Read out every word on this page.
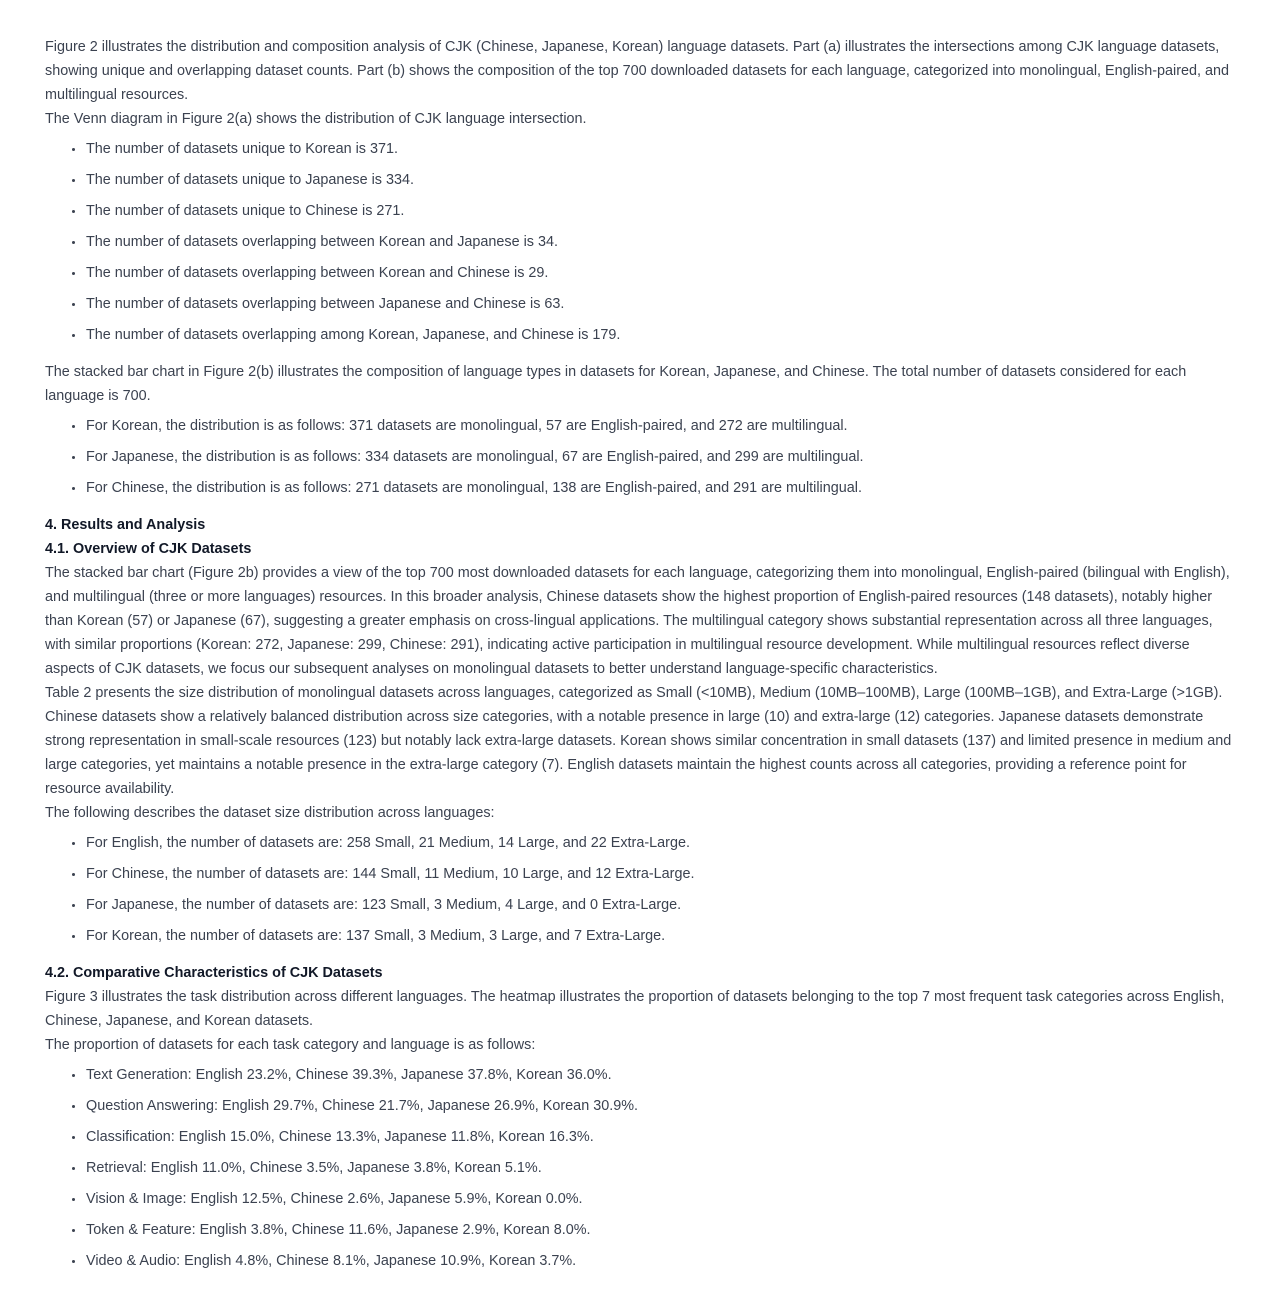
Figure 2 illustrates the distribution and composition analysis of CJK (Chinese, Japanese, Korean) language datasets. Part (a) illustrates the intersections among CJK language datasets, showing unique and overlapping dataset counts. Part (b) shows the composition of the top 700 downloaded datasets for each language, categorized into monolingual, English-paired, and multilingual resources.

The Venn diagram in Figure 2(a) shows the distribution of CJK language intersection.

The number of datasets unique to Korean is 371.
The number of datasets unique to Japanese is 334.
The number of datasets unique to Chinese is 271.
The number of datasets overlapping between Korean and Japanese is 34.
The number of datasets overlapping between Korean and Chinese is 29.
The number of datasets overlapping between Japanese and Chinese is 63.
The number of datasets overlapping among Korean, Japanese, and Chinese is 179.

The stacked bar chart in Figure 2(b) illustrates the composition of language types in datasets for Korean, Japanese, and Chinese. The total number of datasets considered for each language is 700.

For Korean, the distribution is as follows: 371 datasets are monolingual, 57 are English-paired, and 272 are multilingual.
For Japanese, the distribution is as follows: 334 datasets are monolingual, 67 are English-paired, and 299 are multilingual.
For Chinese, the distribution is as follows: 271 datasets are monolingual, 138 are English-paired, and 291 are multilingual.
4. Results and Analysis
4.1. Overview of CJK Datasets

The stacked bar chart (Figure 2b) provides a view of the top 700 most downloaded datasets for each language, categorizing them into monolingual, English-paired (bilingual with English), and multilingual (three or more languages) resources. In this broader analysis, Chinese datasets show the highest proportion of English-paired resources (148 datasets), notably higher than Korean (57) or Japanese (67), suggesting a greater emphasis on cross-lingual applications. The multilingual category shows substantial representation across all three languages, with similar proportions (Korean: 272, Japanese: 299, Chinese: 291), indicating active participation in multilingual resource development. While multilingual resources reflect diverse aspects of CJK datasets, we focus our subsequent analyses on monolingual datasets to better understand language-specific characteristics.

Table 2 presents the size distribution of monolingual datasets across languages, categorized as Small (<10MB), Medium (10MB–100MB), Large (100MB–1GB), and Extra-Large (>1GB). Chinese datasets show a relatively balanced distribution across size categories, with a notable presence in large (10) and extra-large (12) categories. Japanese datasets demonstrate strong representation in small-scale resources (123) but notably lack extra-large datasets. Korean shows similar concentration in small datasets (137) and limited presence in medium and large categories, yet maintains a notable presence in the extra-large category (7). English datasets maintain the highest counts across all categories, providing a reference point for resource availability.

The following describes the dataset size distribution across languages:

For English, the number of datasets are: 258 Small, 21 Medium, 14 Large, and 22 Extra-Large.
For Chinese, the number of datasets are: 144 Small, 11 Medium, 10 Large, and 12 Extra-Large.
For Japanese, the number of datasets are: 123 Small, 3 Medium, 4 Large, and 0 Extra-Large.
For Korean, the number of datasets are: 137 Small, 3 Medium, 3 Large, and 7 Extra-Large.
4.2. Comparative Characteristics of CJK Datasets

Figure 3 illustrates the task distribution across different languages. The heatmap illustrates the proportion of datasets belonging to the top 7 most frequent task categories across English, Chinese, Japanese, and Korean datasets.

The proportion of datasets for each task category and language is as follows:

Text Generation: English 23.2%, Chinese 39.3%, Japanese 37.8%, Korean 36.0%.
Question Answering: English 29.7%, Chinese 21.7%, Japanese 26.9%, Korean 30.9%.
Classification: English 15.0%, Chinese 13.3%, Japanese 11.8%, Korean 16.3%.
Retrieval: English 11.0%, Chinese 3.5%, Japanese 3.8%, Korean 5.1%.
Vision & Image: English 12.5%, Chinese 2.6%, Japanese 5.9%, Korean 0.0%.
Token & Feature: English 3.8%, Chinese 11.6%, Japanese 2.9%, Korean 8.0%.
Video & Audio: English 4.8%, Chinese 8.1%, Japanese 10.9%, Korean 3.7%.
